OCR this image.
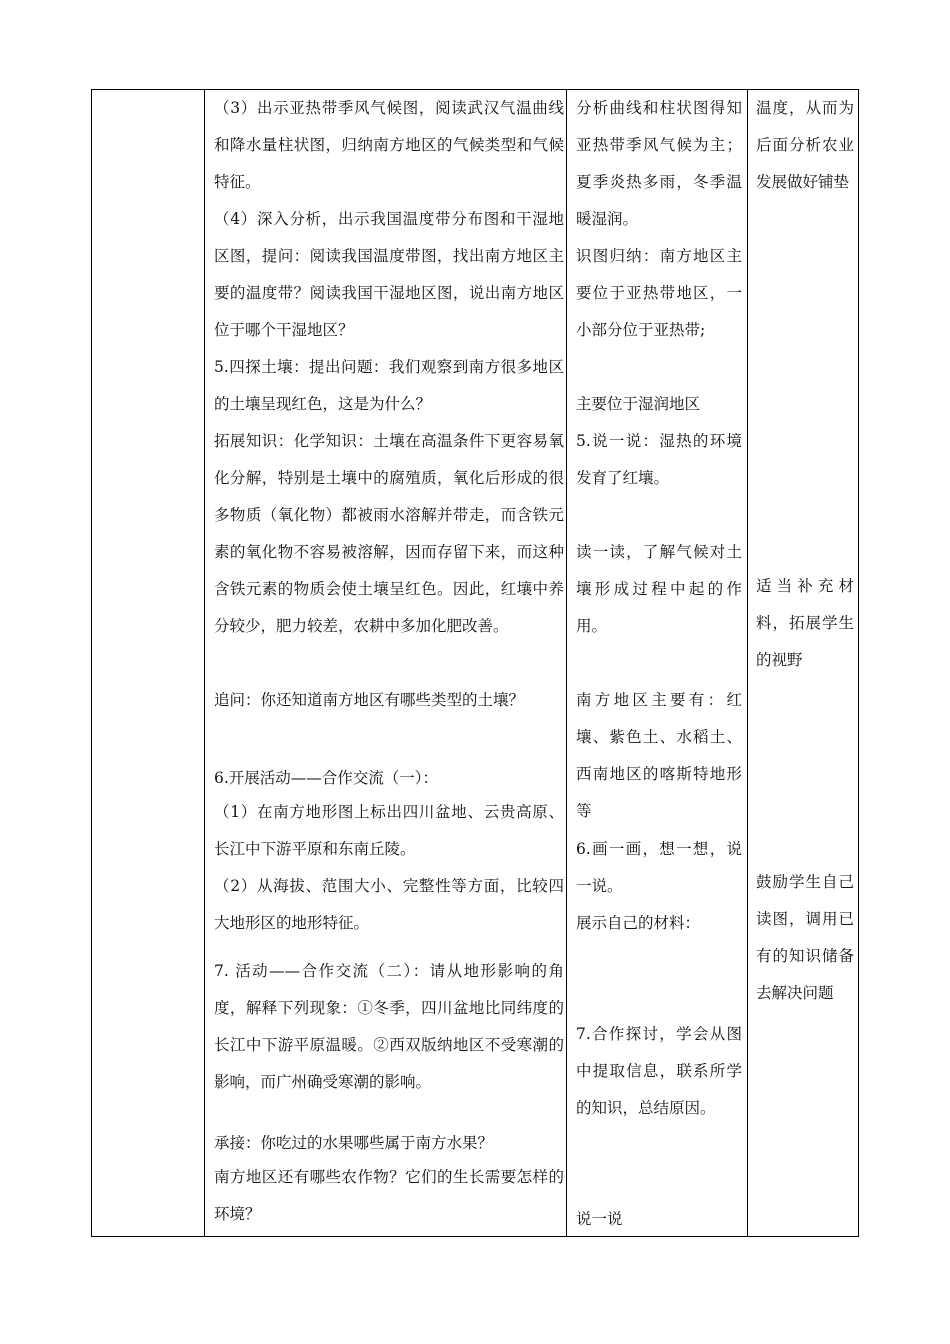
（3）出示亚热带季风气候图，阅读武汉气温曲线和降水量柱状图，归纳南方地区的气候类型和气候特征。

（4）深入分析，出示我国温度带分布图和干湿地区图，提问：阅读我国温度带图，找出南方地区主要的温度带？阅读我国干湿地区图，说出南方地区位于哪个干湿地区？

5.四探土壤：提出问题：我们观察到南方很多地区的土壤呈现红色，这是为什么？

拓展知识：化学知识：土壤在高温条件下更容易氧化分解，特别是土壤中的腐殖质，氧化后形成的很多物质（氧化物）都被雨水溶解并带走，而含铁元素的氧化物不容易被溶解，因而存留下来，而这种含铁元素的物质会使土壤呈红色。因此，红壤中养分较少，肥力较差，农耕中多加化肥改善。

追问：你还知道南方地区有哪些类型的土壤？

6.开展活动——合作交流（一）：

（1）在南方地形图上标出四川盆地、云贵高原、长江中下游平原和东南丘陵。

（2）从海拔、范围大小、完整性等方面，比较四大地形区的地形特征。

7. 活动——合作交流（二）：请从地形影响的角度，解释下列现象：①冬季，四川盆地比同纬度的长江中下游平原温暖。②西双版纳地区不受寒潮的影响，而广州确受寒潮的影响。

承接：你吃过的水果哪些属于南方水果？

南方地区还有哪些农作物？它们的生长需要怎样的环境？

分析曲线和柱状图得知亚热带季风气候为主；夏季炎热多雨，冬季温暖湿润。

识图归纳：南方地区主要位于亚热带地区，一小部分位于亚热带;

主要位于湿润地区

5.说一说：湿热的环境发育了红壤。

读一读，了解气候对土壤形成过程中起的作用。

南方地区主要有：红壤、紫色土、水稻土、西南地区的喀斯特地形等

6.画一画，想一想，说一说。

展示自己的材料：

7.合作探讨，学会从图中提取信息，联系所学的知识，总结原因。

说一说

温度，从而为后面分析农业发展做好铺垫

适当补充材料，拓展学生的视野

鼓励学生自己读图，调用已有的知识储备去解决问题
